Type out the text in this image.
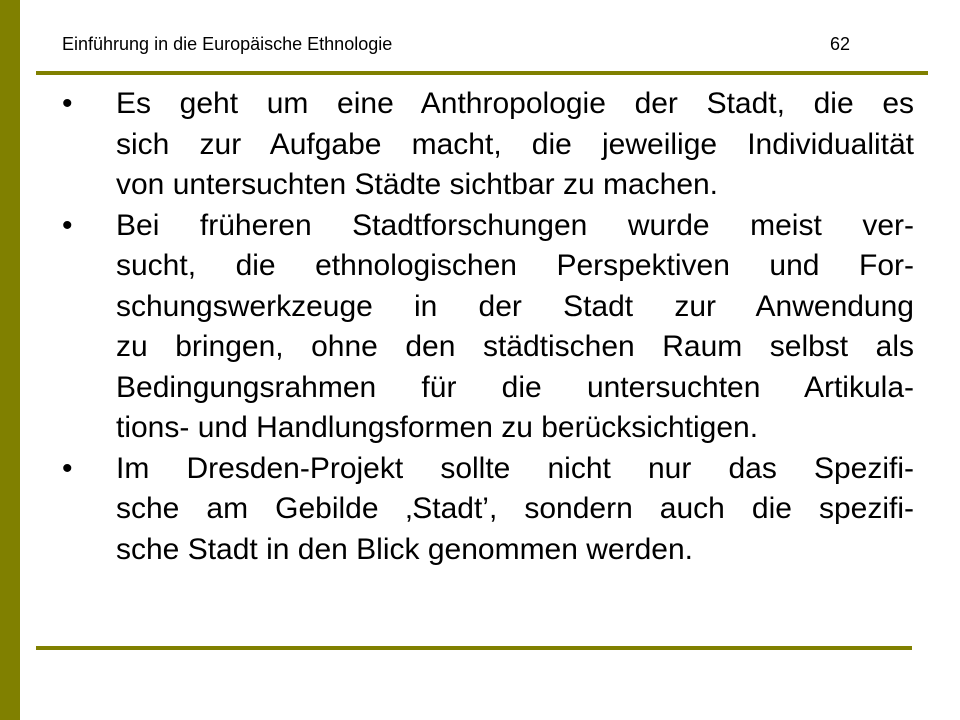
Einführung in die Europäische Ethnologie	62
• Es geht um eine Anthropologie der Stadt, die es
sich zur Aufgabe macht, die jeweilige Individualität
von untersuchten Städte sichtbar zu machen.
• Bei früheren Stadtforschungen wurde meist ver-
sucht, die ethnologischen Perspektiven und For-
schungswerkzeuge in der Stadt zur Anwendung
zu bringen, ohne den städtischen Raum selbst als
Bedingungsrahmen für die untersuchten Artikula-
tions- und Handlungsformen zu berücksichtigen.
• Im Dresden-Projekt sollte nicht nur das Spezifi-
sche am Gebilde ‚Stadt’, sondern auch die spezifi-
sche Stadt in den Blick genommen werden.
